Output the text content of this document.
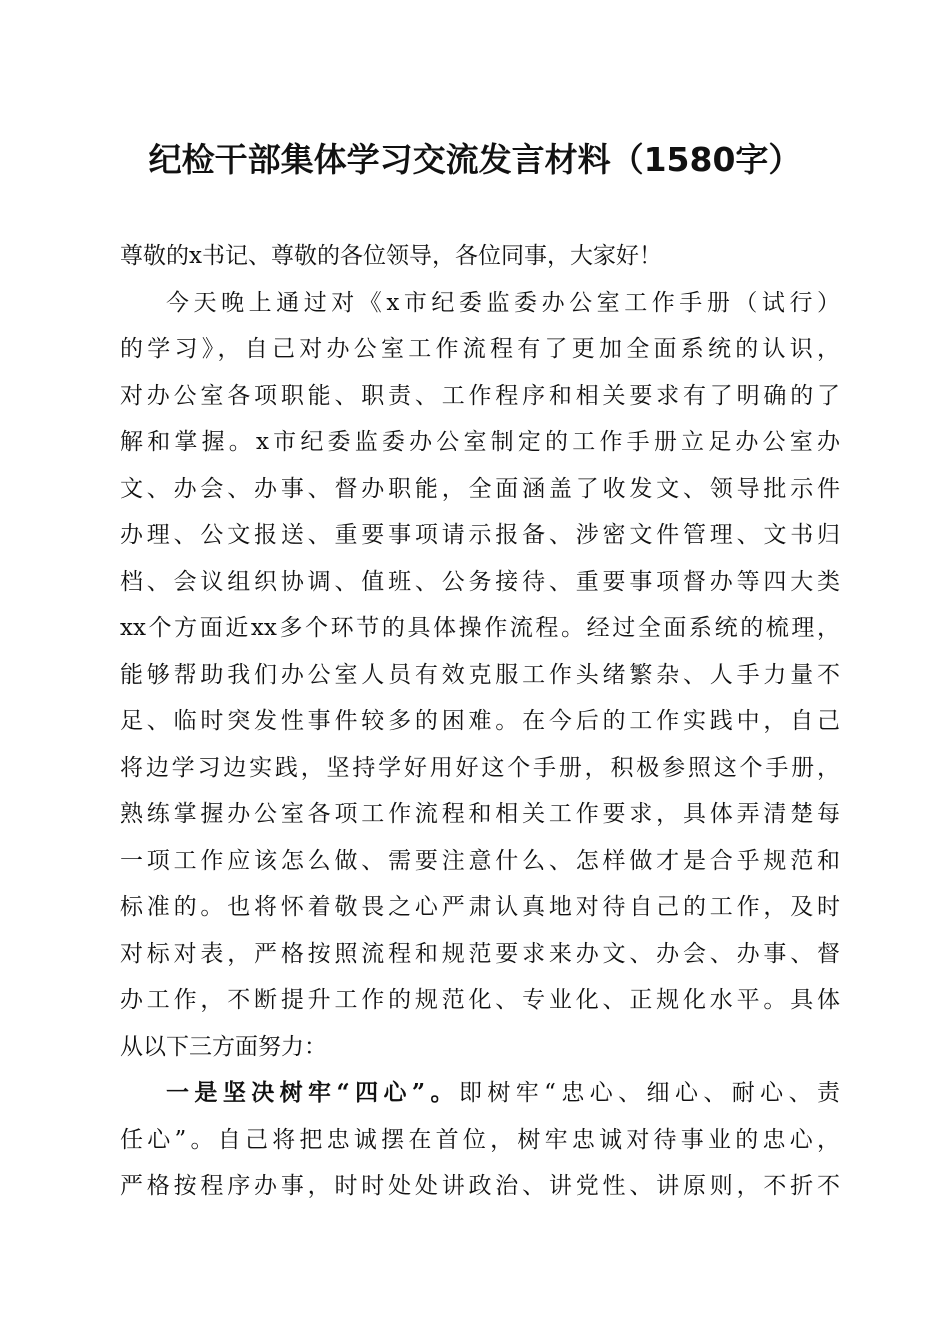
纪检干部集体学习交流发言材料（1580字）
尊敬的x书记、尊敬的各位领导，各位同事，大家好！
今天晚上通过对《x市纪委监委办公室工作手册（试行）
的学习》，自己对办公室工作流程有了更加全面系统的认识，
对办公室各项职能、职责、工作程序和相关要求有了明确的了
解和掌握。x市纪委监委办公室制定的工作手册立足办公室办
文、办会、办事、督办职能，全面涵盖了收发文、领导批示件
办理、公文报送、重要事项请示报备、涉密文件管理、文书归
档、会议组织协调、值班、公务接待、重要事项督办等四大类
xx个方面近xx多个环节的具体操作流程。经过全面系统的梳理，
能够帮助我们办公室人员有效克服工作头绪繁杂、人手力量不
足、临时突发性事件较多的困难。在今后的工作实践中，自己
将边学习边实践，坚持学好用好这个手册，积极参照这个手册，
熟练掌握办公室各项工作流程和相关工作要求，具体弄清楚每
一项工作应该怎么做、需要注意什么、怎样做才是合乎规范和
标准的。也将怀着敬畏之心严肃认真地对待自己的工作，及时
对标对表，严格按照流程和规范要求来办文、办会、办事、督
办工作，不断提升工作的规范化、专业化、正规化水平。具体
从以下三方面努力：
一是坚决树牢“四心”。即树牢“忠心、细心、耐心、责
任心”。自己将把忠诚摆在首位，树牢忠诚对待事业的忠心，
严格按程序办事，时时处处讲政治、讲党性、讲原则，不折不
